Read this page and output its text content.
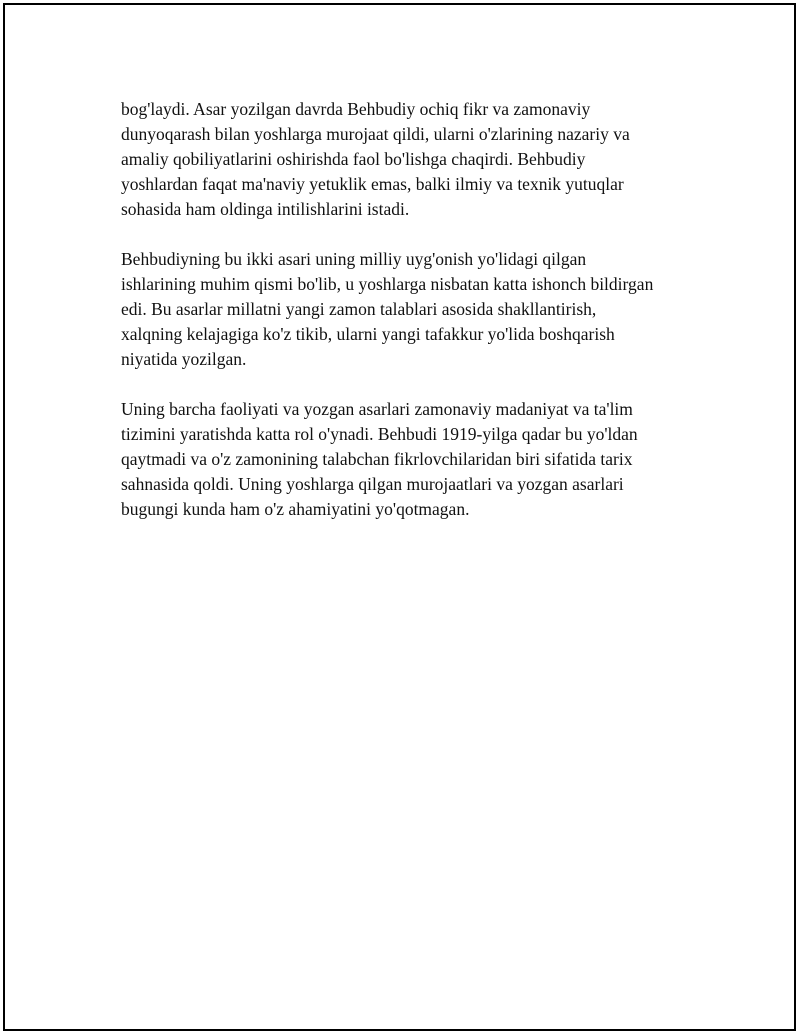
bog'laydi. Asar yozilgan davrda Behbudiy ochiq fikr va zamonaviy
dunyoqarash bilan yoshlarga murojaat qildi, ularni o'zlarining nazariy va
amaliy qobiliyatlarini oshirishda faol bo'lishga chaqirdi. Behbudiy
yoshlardan faqat ma'naviy yetuklik emas, balki ilmiy va texnik yutuqlar
sohasida ham oldinga intilishlarini istadi.

Behbudiyning bu ikki asari uning milliy uyg'onish yo'lidagi qilgan
ishlarining muhim qismi bo'lib, u yoshlarga nisbatan katta ishonch bildirgan
edi. Bu asarlar millatni yangi zamon talablari asosida shakllantirish,
xalqning kelajagiga ko'z tikib, ularni yangi tafakkur yo'lida boshqarish
niyatida yozilgan.

Uning barcha faoliyati va yozgan asarlari zamonaviy madaniyat va ta'lim
tizimini yaratishda katta rol o'ynadi. Behbudi 1919-yilga qadar bu yo'ldan
qaytmadi va o'z zamonining talabchan fikrlovchilaridan biri sifatida tarix
sahnasida qoldi. Uning yoshlarga qilgan murojaatlari va yozgan asarlari
bugungi kunda ham o'z ahamiyatini yo'qotmagan.
